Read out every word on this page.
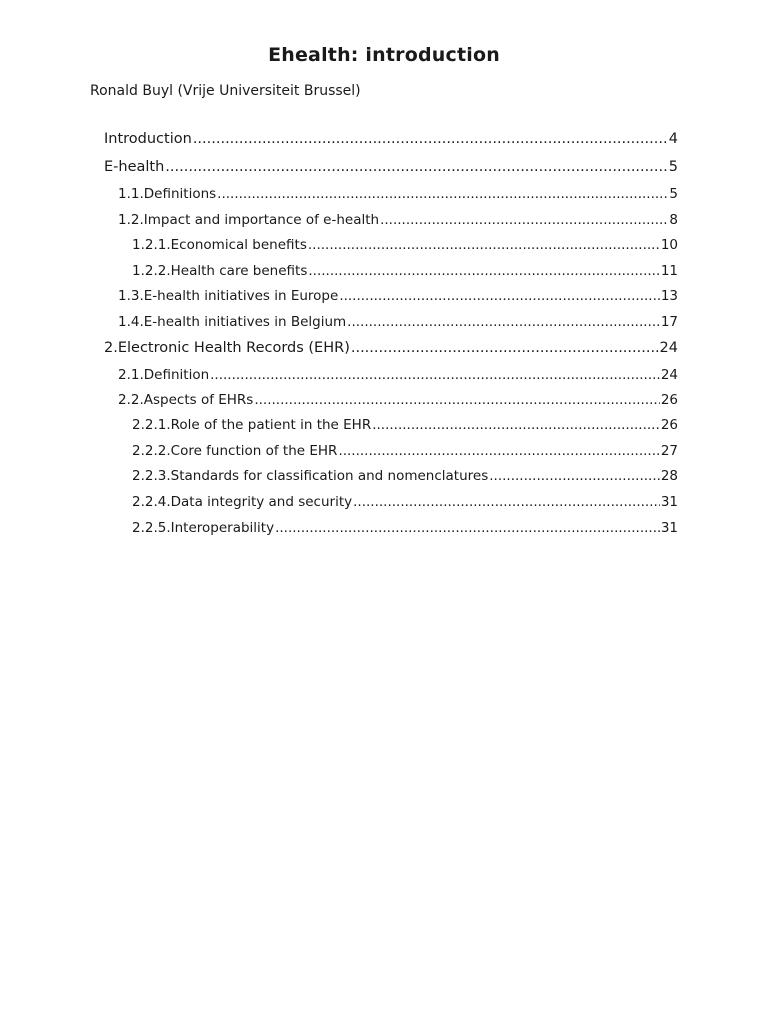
Ehealth: introduction
Ronald Buyl (Vrije Universiteit Brussel)
Introduction .....	4
E-health .....	5
1.1.Definitions .....	5
1.2.Impact and importance of e-health .....	8
1.2.1.Economical benefits .....	10
1.2.2.Health care benefits .....	11
1.3.E-health initiatives in Europe .....	13
1.4.E-health initiatives in Belgium .....	17
2.Electronic Health Records (EHR) .....	24
2.1.Definition .....	24
2.2.Aspects of EHRs .....	26
2.2.1.Role of the patient in the EHR .....	26
2.2.2.Core function of the EHR .....	27
2.2.3.Standards for classification and nomenclatures .....	28
2.2.4.Data integrity and security .....	31
2.2.5.Interoperability .....	31
